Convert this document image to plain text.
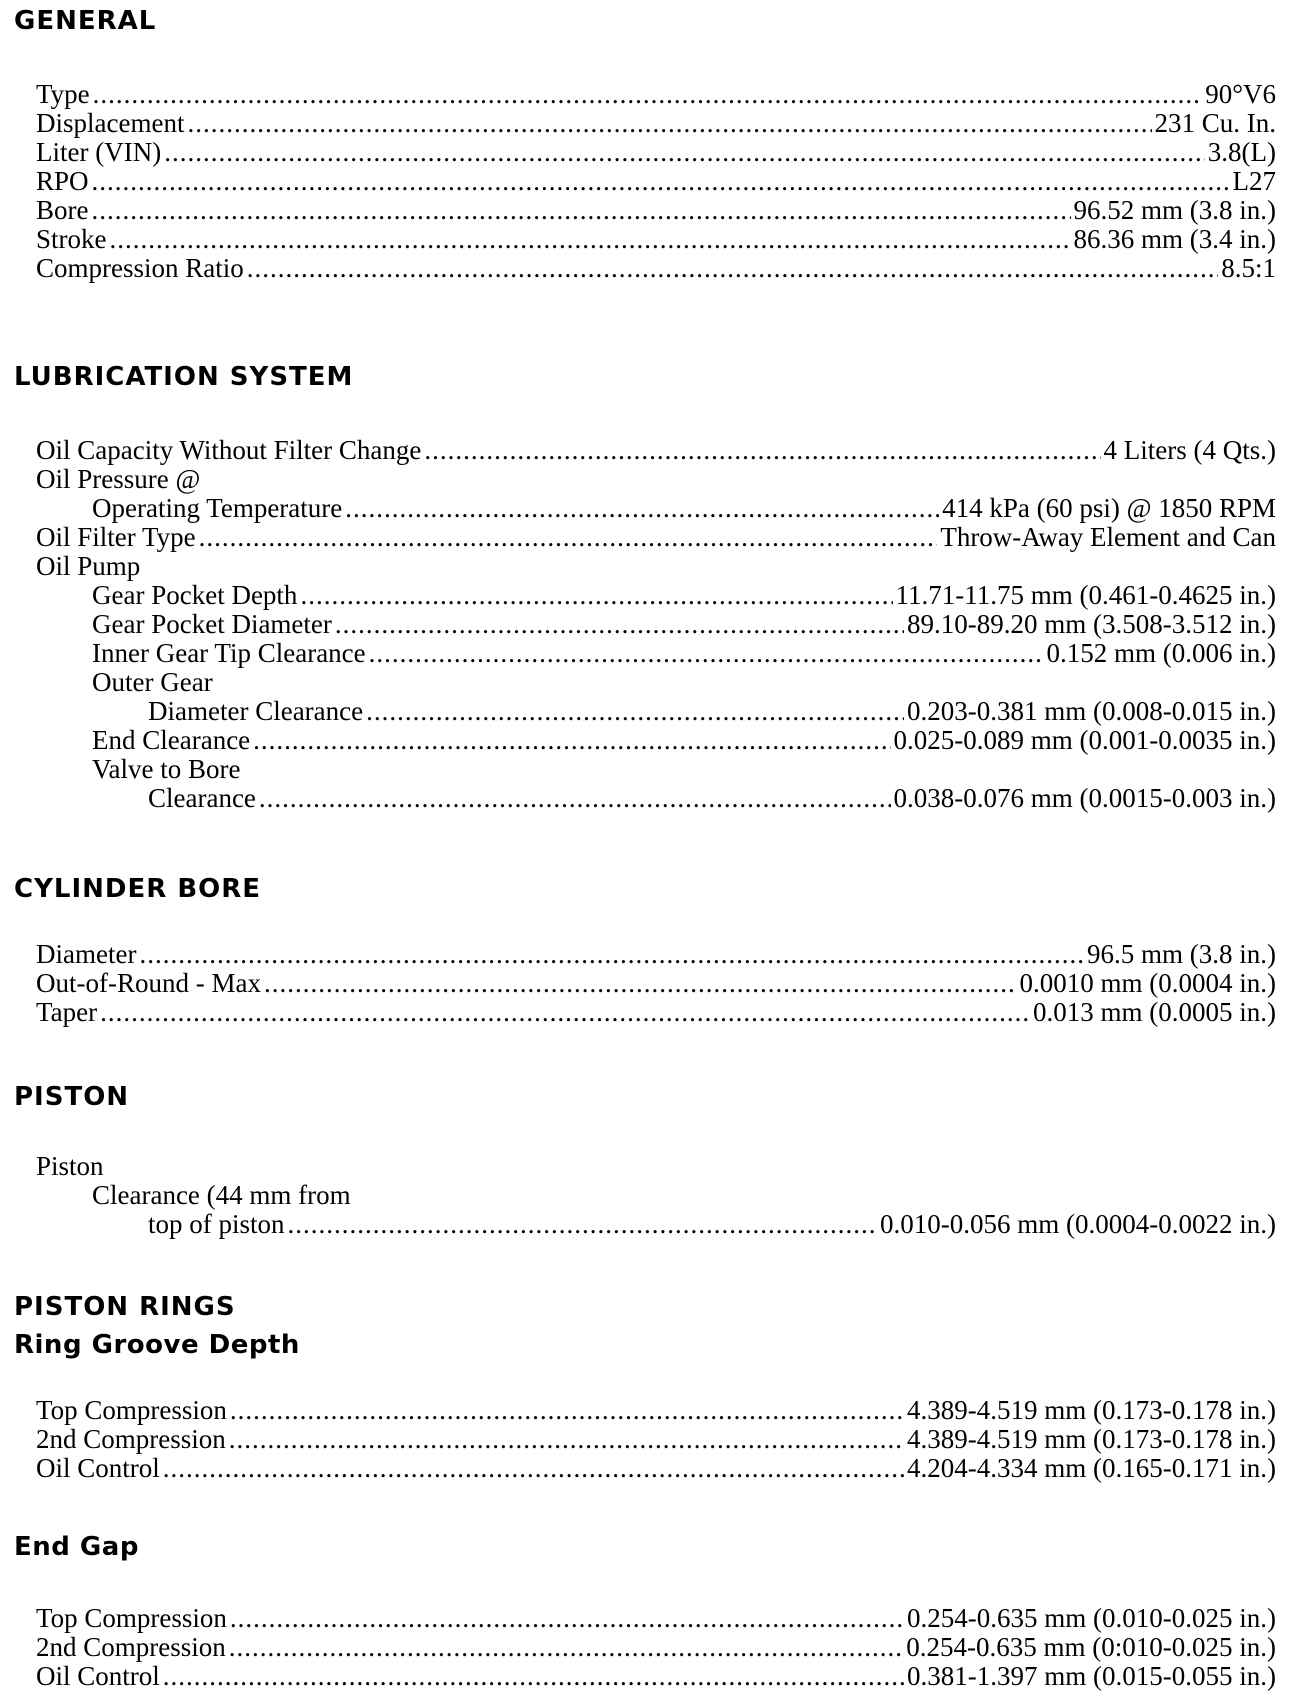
GENERAL
LUBRICATION SYSTEM
CYLINDER BORE
PISTON
PISTON RINGS
Ring Groove Depth
End Gap
Type .....	90°V6
Displacement .....	231 Cu. In.
Liter (VIN) .....	3.8(L)
RPO .....	L27
Bore .....	96.52 mm (3.8 in.)
Stroke .....	86.36 mm (3.4 in.)
Compression Ratio .....	8.5:1
Oil Capacity Without Filter Change .....	4 Liters (4 Qts.)
Oil Pressure @
Operating Temperature .....	414 kPa (60 psi) @ 1850 RPM
Oil Filter Type .....	Throw-Away Element and Can
Oil Pump
Gear Pocket Depth .....	11.71-11.75 mm (0.461-0.4625 in.)
Gear Pocket Diameter .....	89.10-89.20 mm (3.508-3.512 in.)
Inner Gear Tip Clearance .....	0.152 mm (0.006 in.)
Outer Gear
Diameter Clearance .....	0.203-0.381 mm (0.008-0.015 in.)
End Clearance .....	0.025-0.089 mm (0.001-0.0035 in.)
Valve to Bore
Clearance .....	0.038-0.076 mm (0.0015-0.003 in.)
Diameter .....	96.5 mm (3.8 in.)
Out-of-Round - Max .....	0.0010 mm (0.0004 in.)
Taper .....	0.013 mm (0.0005 in.)
Piston
Clearance (44 mm from
top of piston .....	0.010-0.056 mm (0.0004-0.0022 in.)
Top Compression .....	4.389-4.519 mm (0.173-0.178 in.)
2nd Compression .....	4.389-4.519 mm (0.173-0.178 in.)
Oil Control .....	4.204-4.334 mm (0.165-0.171 in.)
Top Compression .....	0.254-0.635 mm (0.010-0.025 in.)
2nd Compression .....	0.254-0.635 mm (0:010-0.025 in.)
Oil Control .....	0.381-1.397 mm (0.015-0.055 in.)
